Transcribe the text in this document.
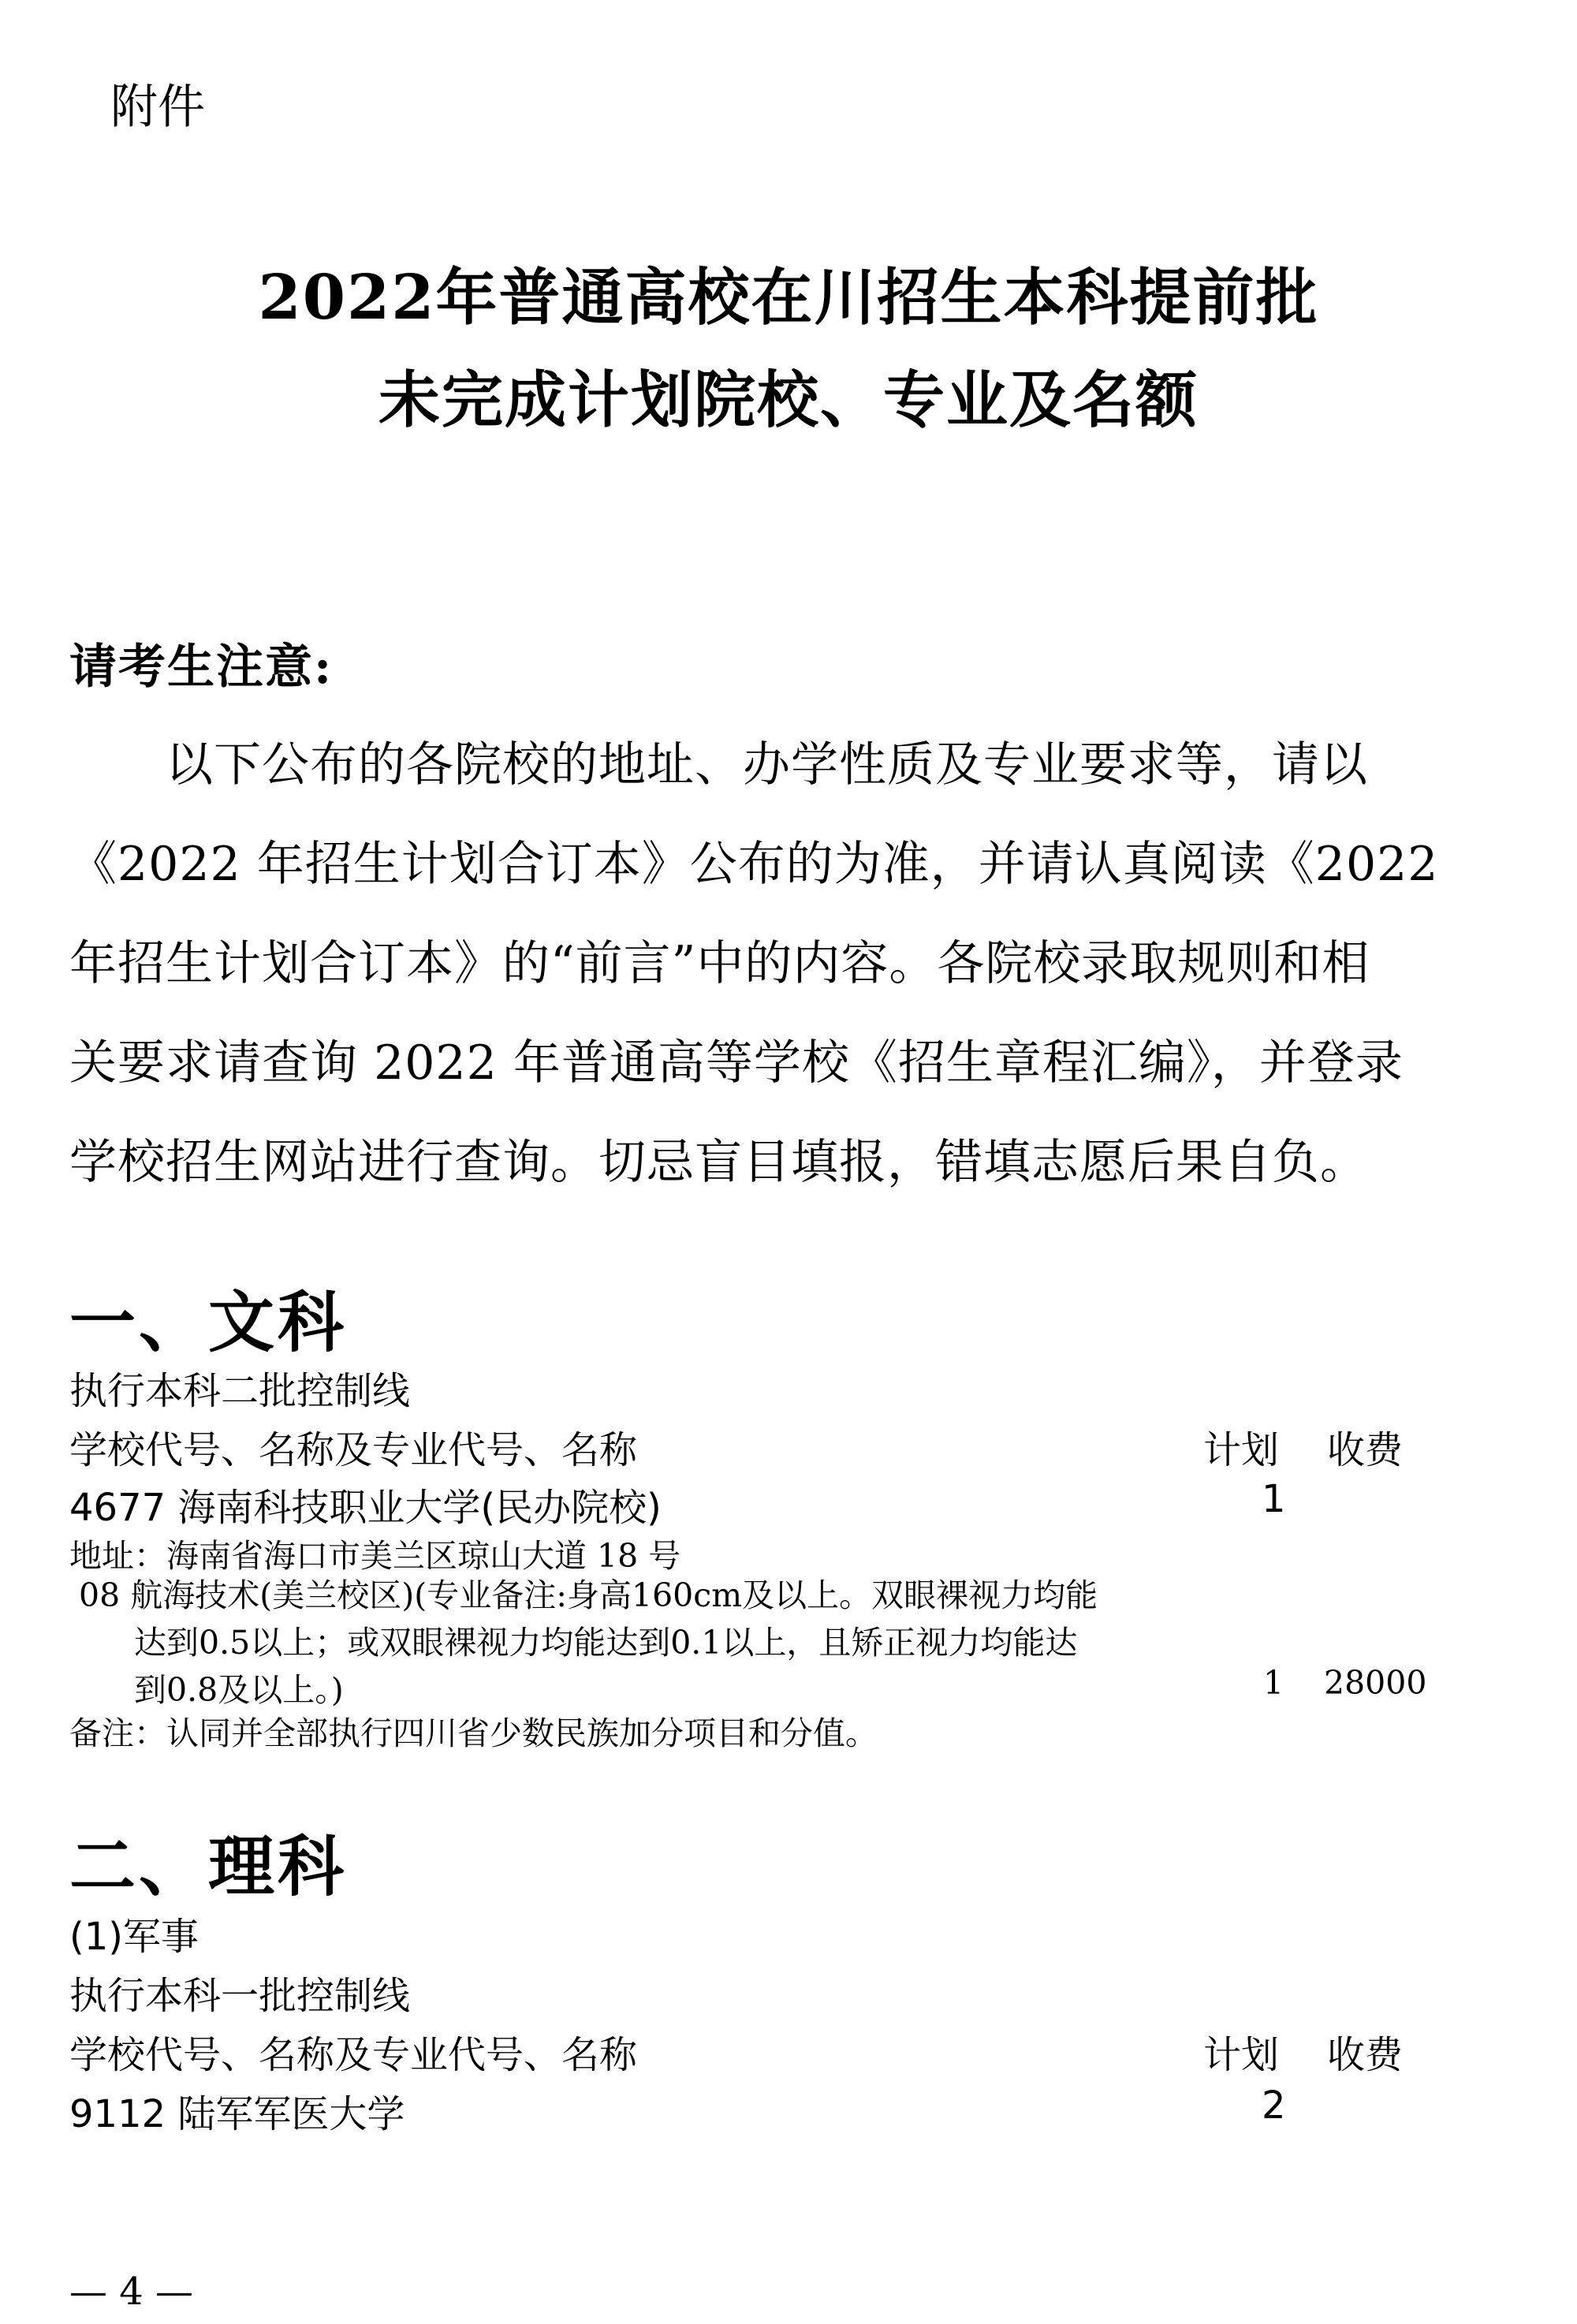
附件
2022年普通高校在川招生本科提前批
未完成计划院校、专业及名额
请考生注意:
　　以下公布的各院校的地址、办学性质及专业要求等，请以
《2022 年招生计划合订本》公布的为准，并请认真阅读《2022
年招生计划合订本》的“前言”中的内容。各院校录取规则和相
关要求请查询 2022 年普通高等学校《招生章程汇编》，并登录
学校招生网站进行查询。切忌盲目填报，错填志愿后果自负。
一、文科
执行本科二批控制线
学校代号、名称及专业代号、名称	计划 收费
4677 海南科技职业大学(民办院校)	1
地址：海南省海口市美兰区琼山大道 18 号
08 航海技术(美兰校区)(专业备注:身高160cm及以上。双眼裸视力均能
达到0.5以上；或双眼裸视力均能达到0.1以上，且矫正视力均能达
到0.8及以上。)	1 28000
备注：认同并全部执行四川省少数民族加分项目和分值。
二、理科
(1)军事
执行本科一批控制线
学校代号、名称及专业代号、名称	计划 收费
9112 陆军军医大学	2
— 4 —
